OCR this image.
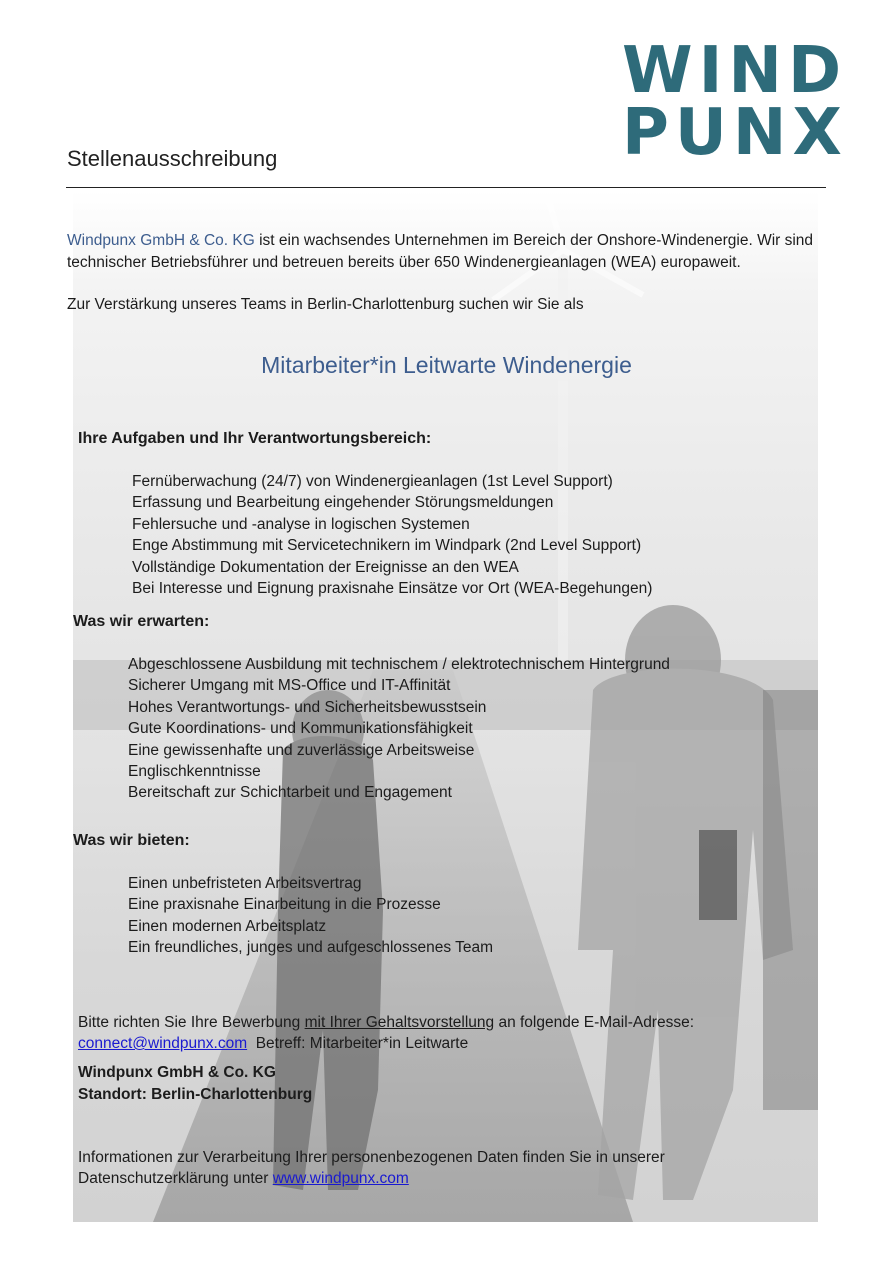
WIND
PUNX
Stellenausschreibung
Windpunx GmbH & Co. KG ist ein wachsendes Unternehmen im Bereich der Onshore-Windenergie. Wir sind technischer Betriebsführer und betreuen bereits über 650 Windenergieanlagen (WEA) europaweit.
Zur Verstärkung unseres Teams in Berlin-Charlottenburg suchen wir Sie als
Mitarbeiter*in Leitwarte Windenergie
Ihre Aufgaben und Ihr Verantwortungsbereich:
Fernüberwachung (24/7) von Windenergieanlagen (1st Level Support)
Erfassung und Bearbeitung eingehender Störungsmeldungen
Fehlersuche und -analyse in logischen Systemen
Enge Abstimmung mit Servicetechnikern im Windpark (2nd Level Support)
Vollständige Dokumentation der Ereignisse an den WEA
Bei Interesse und Eignung praxisnahe Einsätze vor Ort (WEA-Begehungen)
Was wir erwarten:
Abgeschlossene Ausbildung mit technischem / elektrotechnischem Hintergrund
Sicherer Umgang mit MS-Office und IT-Affinität
Hohes Verantwortungs- und Sicherheitsbewusstsein
Gute Koordinations- und Kommunikationsfähigkeit
Eine gewissenhafte und zuverlässige Arbeitsweise
Englischkenntnisse
Bereitschaft zur Schichtarbeit und Engagement
Was wir bieten:
Einen unbefristeten Arbeitsvertrag
Eine praxisnahe Einarbeitung in die Prozesse
Einen modernen Arbeitsplatz
Ein freundliches, junges und aufgeschlossenes Team
Bitte richten Sie Ihre Bewerbung mit Ihrer Gehaltsvorstellung an folgende E-Mail-Adresse:
connect@windpunx.com  Betreff: Mitarbeiter*in Leitwarte
Windpunx GmbH & Co. KG
Standort: Berlin-Charlottenburg
Informationen zur Verarbeitung Ihrer personenbezogenen Daten finden Sie in unserer
Datenschutzerklärung unter www.windpunx.com
